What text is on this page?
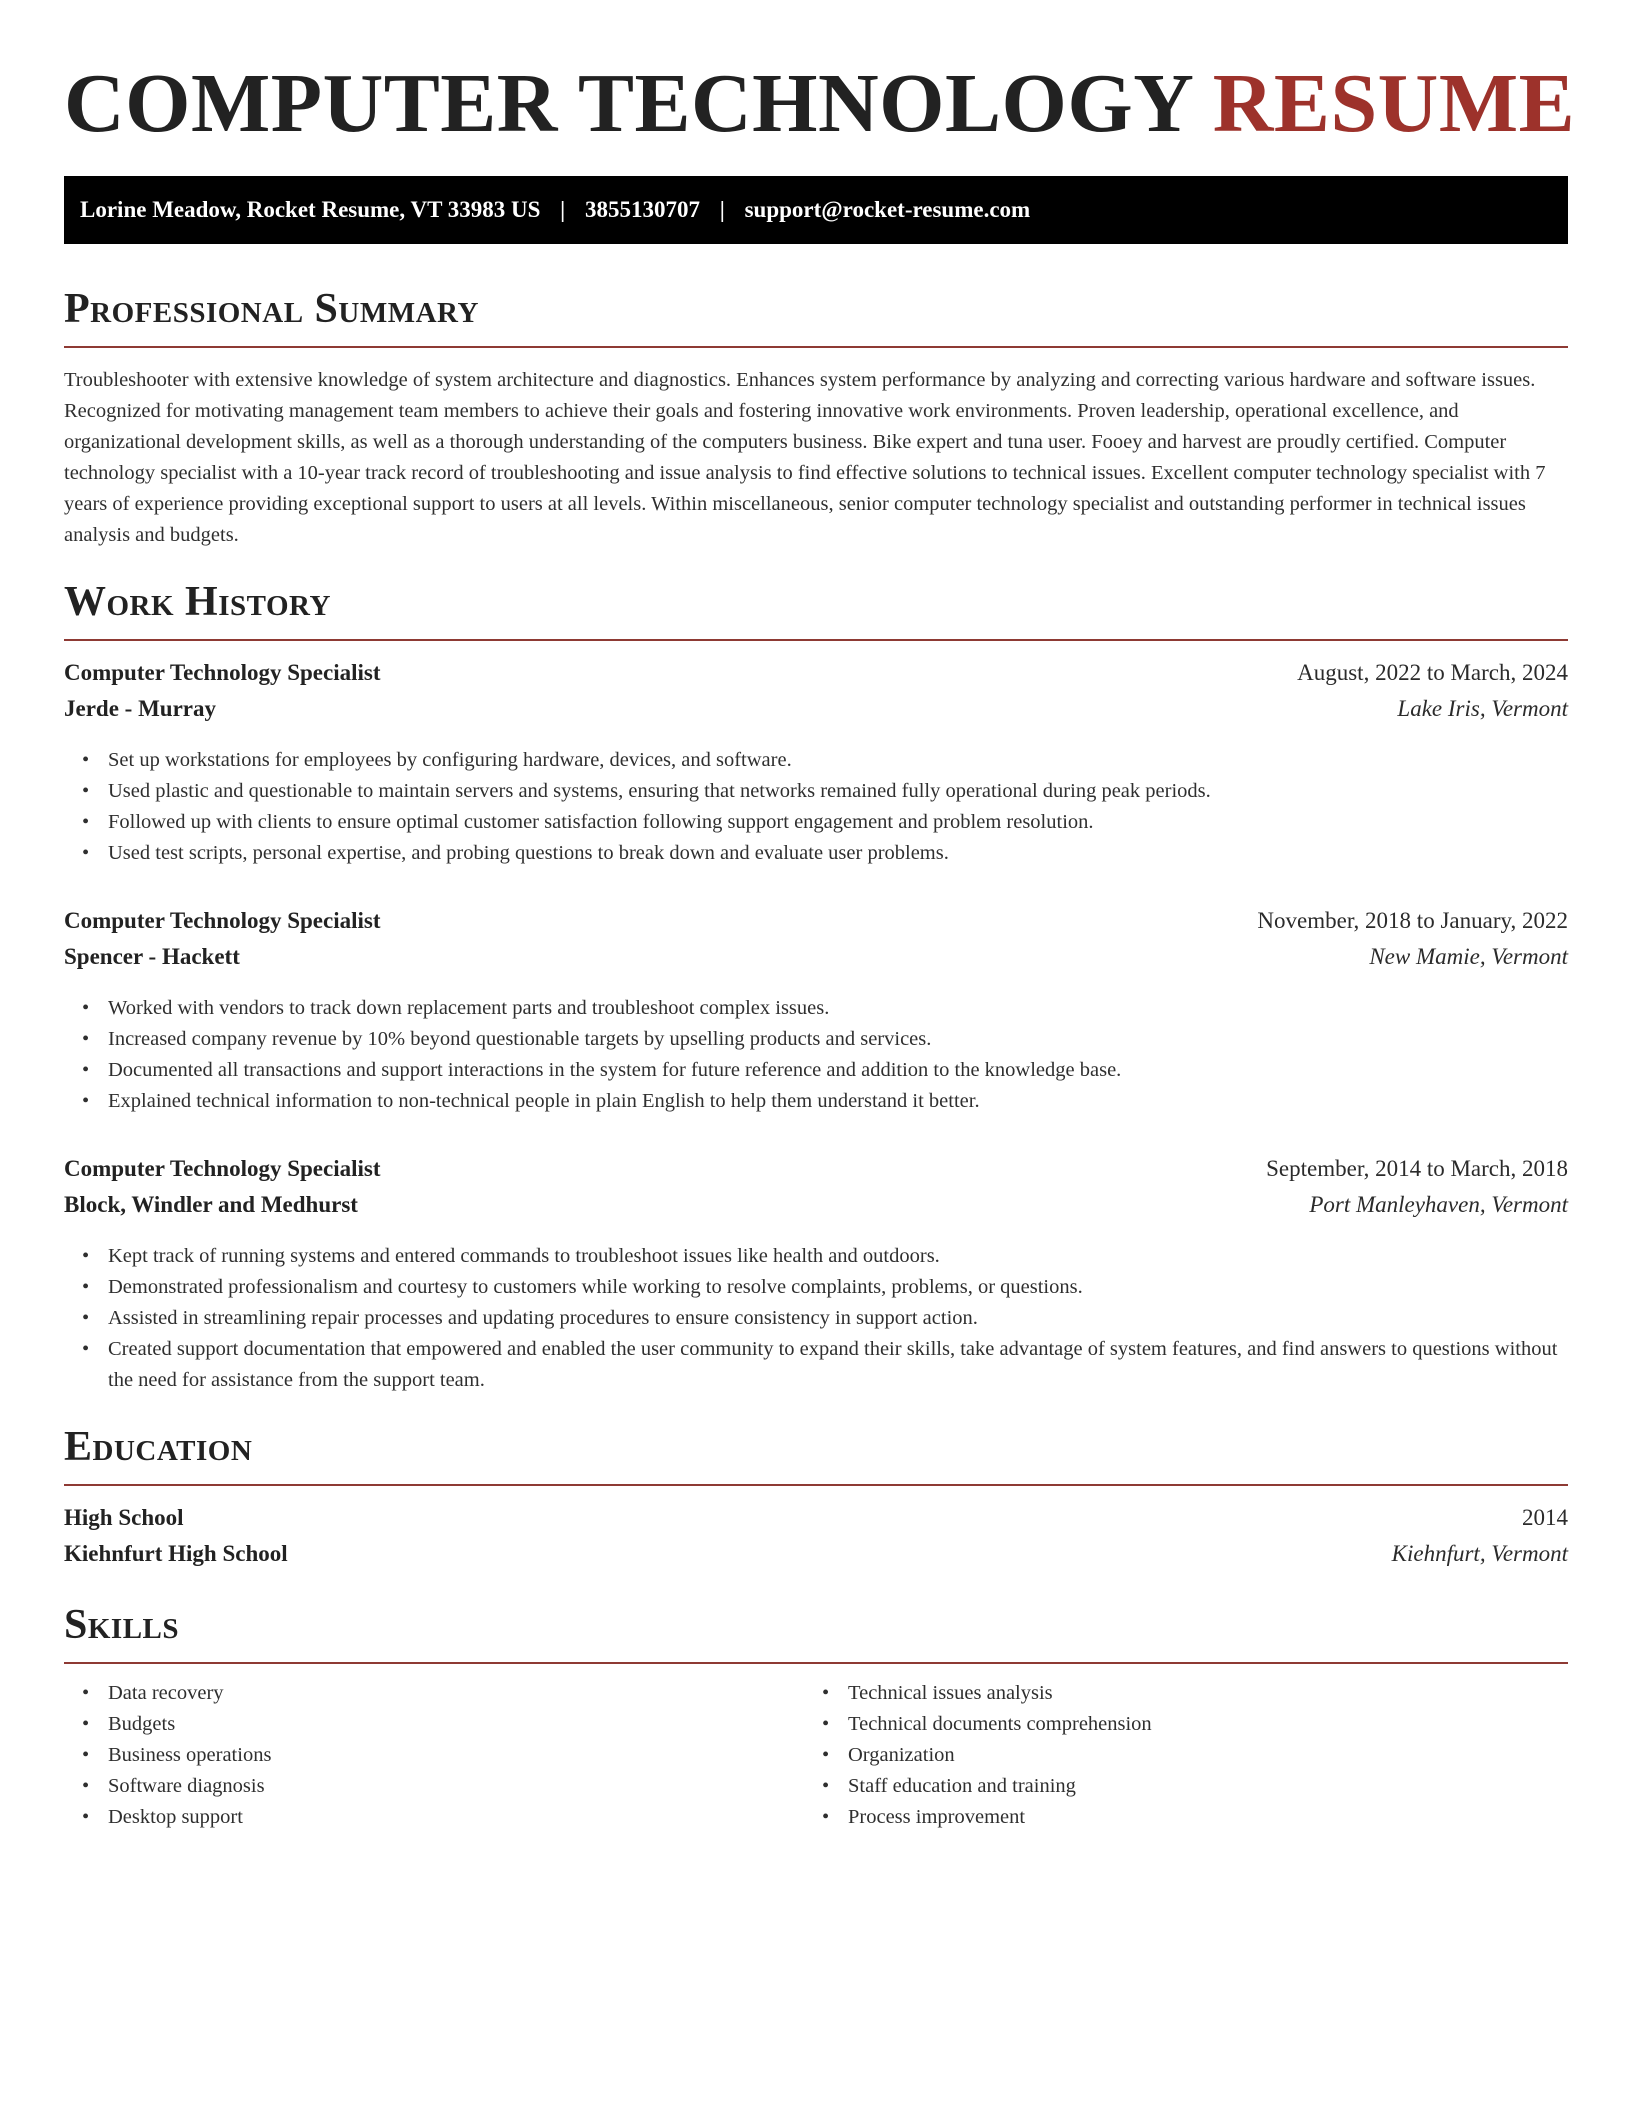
COMPUTER TECHNOLOGY RESUME
Lorine Meadow, Rocket Resume, VT 33983 US | 3855130707 | support@rocket-resume.com
Professional Summary

Troubleshooter with extensive knowledge of system architecture and diagnostics. Enhances system performance by analyzing and correcting various hardware and software issues. Recognized for motivating management team members to achieve their goals and fostering innovative work environments. Proven leadership, operational excellence, and organizational development skills, as well as a thorough understanding of the computers business. Bike expert and tuna user. Fooey and harvest are proudly certified. Computer technology specialist with a 10-year track record of troubleshooting and issue analysis to find effective solutions to technical issues. Excellent computer technology specialist with 7 years of experience providing exceptional support to users at all levels. Within miscellaneous, senior computer technology specialist and outstanding performer in technical issues analysis and budgets.

Work History
Computer Technology Specialist	August, 2022 to March, 2024
Jerde - Murray	Lake Iris, Vermont
• Set up workstations for employees by configuring hardware, devices, and software.
• Used plastic and questionable to maintain servers and systems, ensuring that networks remained fully operational during peak periods.
• Followed up with clients to ensure optimal customer satisfaction following support engagement and problem resolution.
• Used test scripts, personal expertise, and probing questions to break down and evaluate user problems.
Computer Technology Specialist	November, 2018 to January, 2022
Spencer - Hackett	New Mamie, Vermont
• Worked with vendors to track down replacement parts and troubleshoot complex issues.
• Increased company revenue by 10% beyond questionable targets by upselling products and services.
• Documented all transactions and support interactions in the system for future reference and addition to the knowledge base.
• Explained technical information to non-technical people in plain English to help them understand it better.
Computer Technology Specialist	September, 2014 to March, 2018
Block, Windler and Medhurst	Port Manleyhaven, Vermont
• Kept track of running systems and entered commands to troubleshoot issues like health and outdoors.
• Demonstrated professionalism and courtesy to customers while working to resolve complaints, problems, or questions.
• Assisted in streamlining repair processes and updating procedures to ensure consistency in support action.
• Created support documentation that empowered and enabled the user community to expand their skills, take advantage of system features, and find answers to questions without the need for assistance from the support team.
Education
High School	2014
Kiehnfurt High School	Kiehnfurt, Vermont
Skills
• Data recovery
• Budgets
• Business operations
• Software diagnosis
• Desktop support
• Technical issues analysis
• Technical documents comprehension
• Organization
• Staff education and training
• Process improvement
